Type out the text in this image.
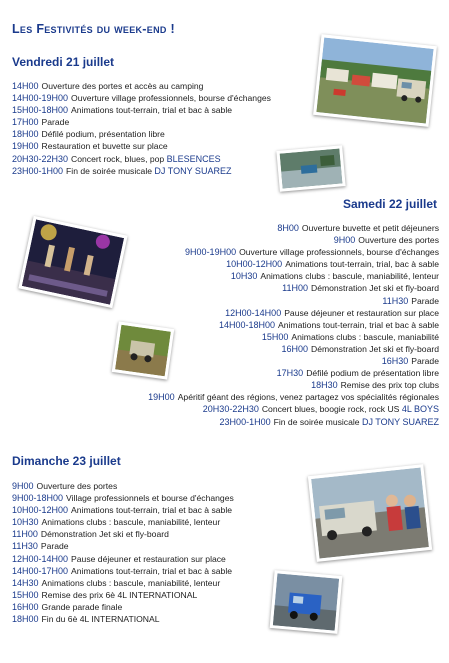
Les Festivités du week-end !
Vendredi 21 juillet
14H00 Ouverture des portes et accès au camping
14H00-19H00 Ouverture village professionnels, bourse d'échanges
15H00-18H00 Animations tout-terrain, trial et bac à sable
17H00 Parade
18H00 Défilé podium, présentation libre
19H00 Restauration et buvette sur place
20H30-22H30 Concert rock, blues, pop BLESENCES
23H00-1H00 Fin de soirée musicale DJ TONY SUAREZ
Samedi 22 juillet
8H00 Ouverture buvette et petit déjeuners
9H00 Ouverture des portes
9H00-19H00 Ouverture village professionnels, bourse d'échanges
10H00-12H00 Animations tout-terrain, trial, bac à sable
10H30 Animations clubs : bascule, maniabilité, lenteur
11H00 Démonstration Jet ski et fly-board
11H30 Parade
12H00-14H00 Pause déjeuner et restauration sur place
14H00-18H00 Animations tout-terrain, trial et bac à sable
15H00 Animations clubs : bascule, maniabilité
16H00 Démonstration Jet ski et fly-board
16H30 Parade
17H30 Défilé podium de présentation libre
18H30 Remise des prix top clubs
19H00 Apéritif géant des régions, venez partagez vos spécialités régionales
20H30-22H30 Concert blues, boogie rock, rock US 4L BOYS
23H00-1H00 Fin de soirée musicale DJ TONY SUAREZ
Dimanche 23 juillet
9H00 Ouverture des portes
9H00-18H00 Village professionnels et bourse d'échanges
10H00-12H00 Animations tout-terrain, trial et bac à sable
10H30 Animations clubs : bascule, maniabilité, lenteur
11H00 Démonstration Jet ski et fly-board
11H30 Parade
12H00-14H00 Pause déjeuner et restauration sur place
14H00-17H00 Animations tout-terrain, trial et bac à sable
14H30 Animations clubs : bascule, maniabilité, lenteur
15H00 Remise des prix 6è 4L INTERNATIONAL
16H00 Grande parade finale
18H00 Fin du 6è 4L INTERNATIONAL
